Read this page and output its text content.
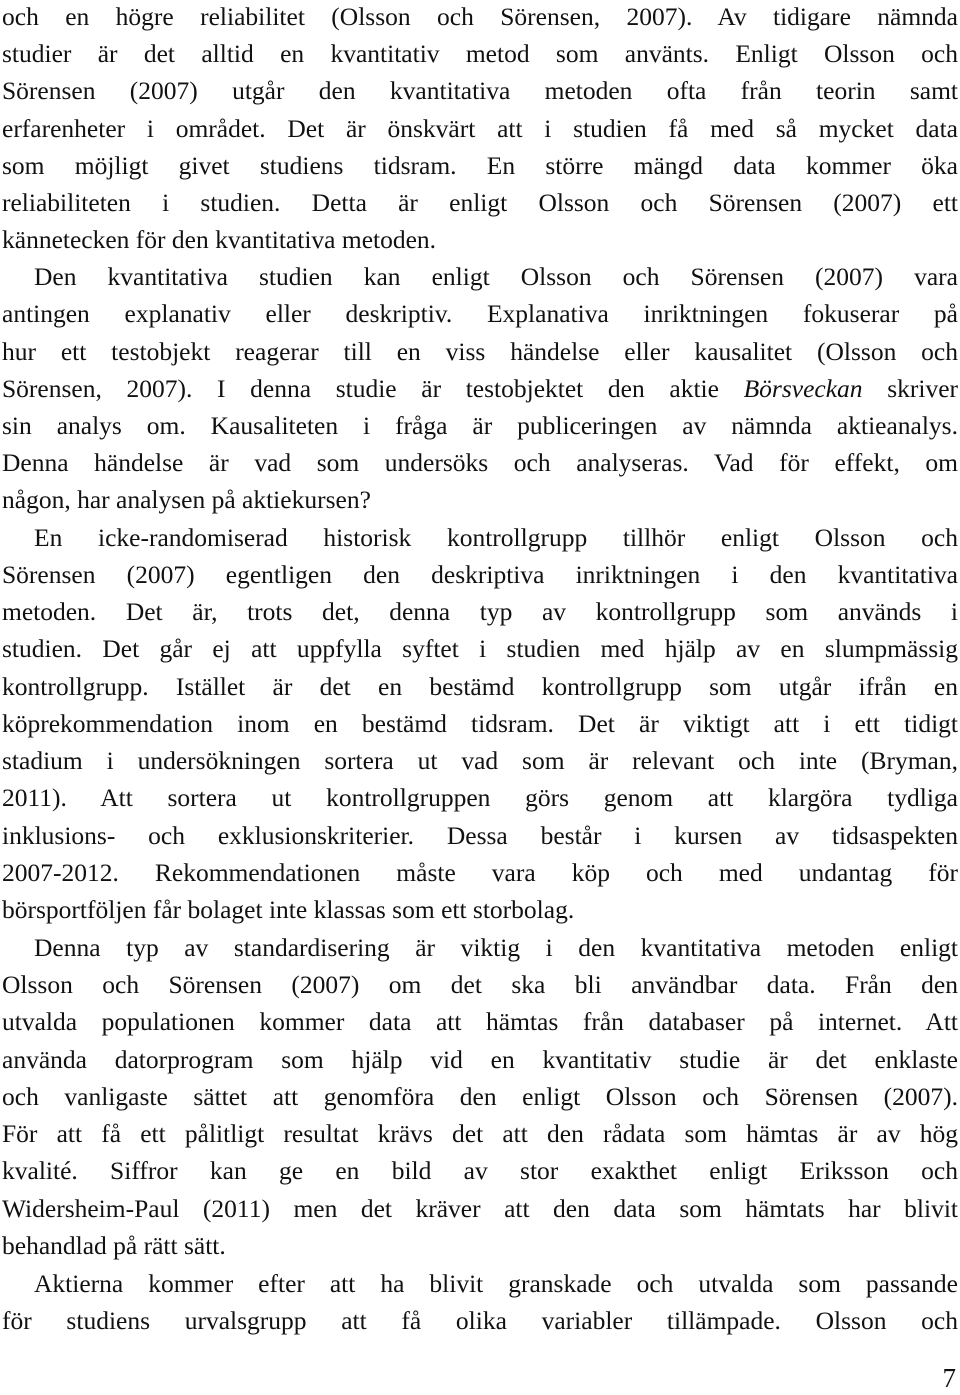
och en högre reliabilitet (Olsson och Sörensen, 2007). Av tidigare nämnda
studier är det alltid en kvantitativ metod som använts. Enligt Olsson och
Sörensen (2007) utgår den kvantitativa metoden ofta från teorin samt
erfarenheter i området. Det är önskvärt att i studien få med så mycket data
som möjligt givet studiens tidsram. En större mängd data kommer öka
reliabiliteten i studien. Detta är enligt Olsson och Sörensen (2007) ett
kännetecken för den kvantitativa metoden.
Den kvantitativa studien kan enligt Olsson och Sörensen (2007) vara
antingen explanativ eller deskriptiv. Explanativa inriktningen fokuserar på
hur ett testobjekt reagerar till en viss händelse eller kausalitet (Olsson och
Sörensen, 2007). I denna studie är testobjektet den aktie Börsveckan skriver
sin analys om. Kausaliteten i fråga är publiceringen av nämnda aktieanalys.
Denna händelse är vad som undersöks och analyseras. Vad för effekt, om
någon, har analysen på aktiekursen?
En icke-randomiserad historisk kontrollgrupp tillhör enligt Olsson och
Sörensen (2007) egentligen den deskriptiva inriktningen i den kvantitativa
metoden. Det är, trots det, denna typ av kontrollgrupp som används i
studien. Det går ej att uppfylla syftet i studien med hjälp av en slumpmässig
kontrollgrupp. Istället är det en bestämd kontrollgrupp som utgår ifrån en
köprekommendation inom en bestämd tidsram. Det är viktigt att i ett tidigt
stadium i undersökningen sortera ut vad som är relevant och inte (Bryman,
2011). Att sortera ut kontrollgruppen görs genom att klargöra tydliga
inklusions- och exklusionskriterier. Dessa består i kursen av tidsaspekten
2007-2012. Rekommendationen måste vara köp och med undantag för
börsportföljen får bolaget inte klassas som ett storbolag.
Denna typ av standardisering är viktig i den kvantitativa metoden enligt
Olsson och Sörensen (2007) om det ska bli användbar data. Från den
utvalda populationen kommer data att hämtas från databaser på internet. Att
använda datorprogram som hjälp vid en kvantitativ studie är det enklaste
och vanligaste sättet att genomföra den enligt Olsson och Sörensen (2007).
För att få ett pålitligt resultat krävs det att den rådata som hämtas är av hög
kvalité. Siffror kan ge en bild av stor exakthet enligt Eriksson och
Widersheim-Paul (2011) men det kräver att den data som hämtats har blivit
behandlad på rätt sätt.
Aktierna kommer efter att ha blivit granskade och utvalda som passande
för studiens urvalsgrupp att få olika variabler tillämpade. Olsson och
7
